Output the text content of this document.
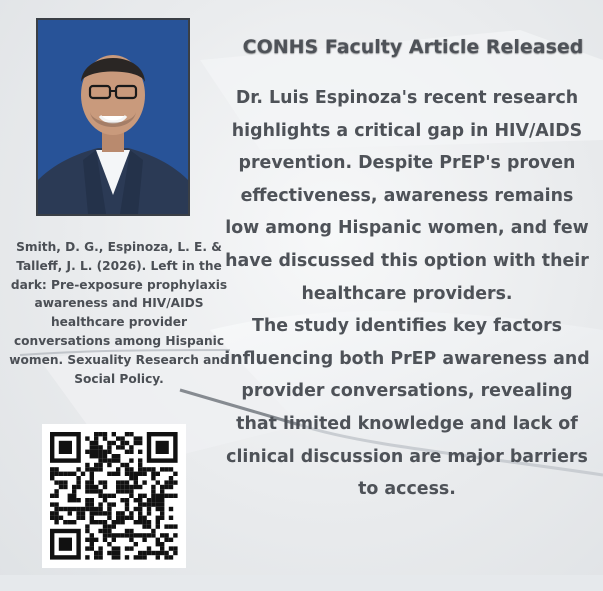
Smith, D. G., Espinoza, L. E. & Talleff, J. L. (2026). Left in the dark: Pre-exposure prophylaxis awareness and HIV/AIDS healthcare provider conversations among Hispanic women. Sexuality Research and Social Policy.
CONHS Faculty Article Released

Dr. Luis Espinoza's recent research highlights a critical gap in HIV/AIDS prevention. Despite PrEP's proven effectiveness, awareness remains low among Hispanic women, and few have discussed this option with their healthcare providers.

The study identifies key factors influencing both PrEP awareness and provider conversations, revealing that limited knowledge and lack of clinical discussion are major barriers to access.
